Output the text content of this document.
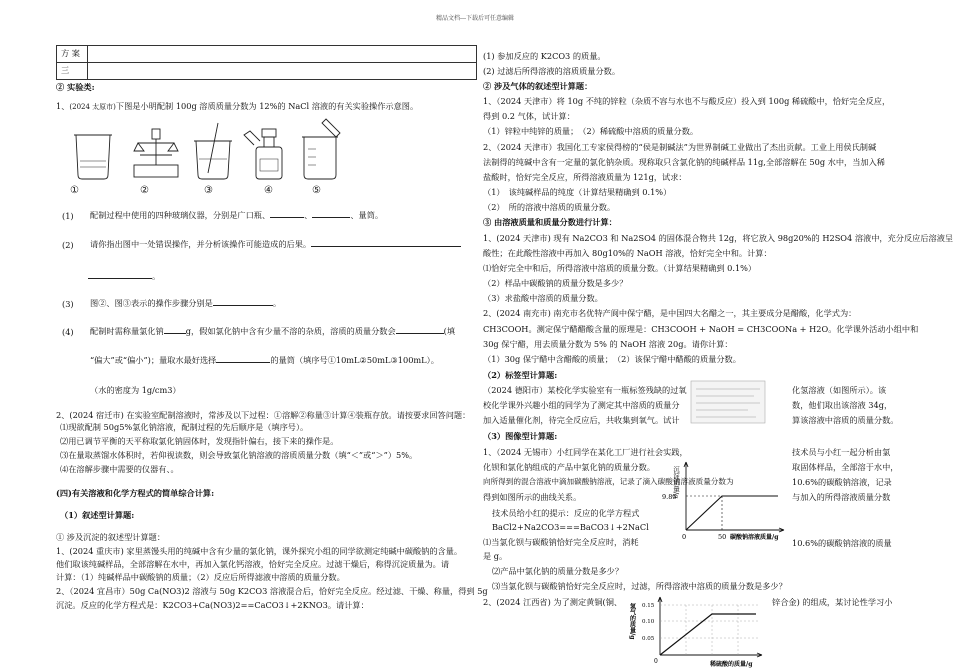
精品文档---下载后可任意编辑
方 案	
三	
② 实验类:
1、(2024 太原市)下图是小明配制 100g 溶质质量分数为 12%的 NaCl 溶液的有关实验操作示意图。
①	②	③	④	⑤
(1) 配制过程中使用的四种玻璃仪器，分别是广口瓶、	、	、量筒。
(2) 请你指出图中一处错误操作，并分析该操作可能造成的后果。
。
(3) 图②、图③表示的操作步骤分别是	。
(4) 配制时需称量氯化钠	g，假如氯化钠中含有少量不溶的杂质，溶质的质量分数会	(填
“偏大”或“偏小”)；量取水最好选择	的量筒（填序号①10mL②50mL③100mL）。
（水的密度为 1g/cm3）
2、(2024 宿迁市) 在实验室配制溶液时，常涉及以下过程：①溶解②称量③计算④装瓶存放。请按要求回答问题：
⑴现欲配制 50g5%氯化钠溶液，配制过程的先后顺序是（填序号）。
⑵用已调节平衡的天平称取氯化钠固体时，发现指针偏右，接下来的操作是。
⑶在量取蒸馏水体积时，若仰视读数，则会导致氯化钠溶液的溶质质量分数（填“＜”或“＞”）5%。
⑷在溶解步骤中需要的仪器有、。
(四)有关溶液和化学方程式的简单综合计算:
（1）叙述型计算题:
① 涉及沉淀的叙述型计算题：
1、(2024 重庆市) 家里蒸馒头用的纯碱中含有少量的氯化钠，课外探究小组的同学欲测定纯碱中碳酸钠的含量。
他们取该纯碱样品，全部溶解在水中，再加入氯化钙溶液，恰好完全反应。过滤干燥后，称得沉淀质量为。请
计算：（1）纯碱样品中碳酸钠的质量；（2）反应后所得滤液中溶质的质量分数。
2、（2024 宜昌市）50g Ca(NO3)2 溶液与 50g K2CO3 溶液混合后，恰好完全反应。经过滤、干燥、称量，得到 5g
沉淀。反应的化学方程式是：K2CO3+Ca(NO3)2==CaCO3↓+2KNO3。请计算：
(1) 参加反应的 K2CO3 的质量。
(2) 过滤后所得溶液的溶质质量分数。
② 涉及气体的叙述型计算题：
1、（2024 天津市）将 10g 不纯的锌粒（杂质不容与水也不与酸反应）投入到 100g 稀硫酸中，恰好完全反应，
得到 0.2 气体，试计算：
（1）锌粒中纯锌的质量；　（2）稀硫酸中溶质的质量分数。
2、（2024 天津市）我国化工专家侯得榜的“侯是制碱法”为世界制碱工业做出了杰出贡献。工业上用侯氏制碱
法制得的纯碱中含有一定量的氯化钠杂质。现称取只含氯化钠的纯碱样品 11g,全部溶解在 50g 水中，当加入稀
盐酸时，恰好完全反应，所得溶液质量为 121g，试求：
（1）　该纯碱样品的纯度（计算结果精确到 0.1%）
（2）　所的溶液中溶质的质量分数。
③ 由溶液质量和质量分数进行计算：
1、(2024 天津市) 现有 Na2CO3 和 Na2SO4 的固体混合物共 12g，将它放入 98g20%的 H2SO4 溶液中，充分反应后溶液呈
酸性；在此酸性溶液中再加入 80g10%的 NaOH 溶液，恰好完全中和。计算：
⑴恰好完全中和后，所得溶液中溶质的质量分数。（计算结果精确到 0.1%）
（2）样品中碳酸钠的质量分数是多少？
（3）求盐酸中溶质的质量分数。
2、(2024 南充市) 南充市名优特产阆中保宁醋，是中国四大名醋之一，其主要成分是醋酸，化学式为：
CH3COOH。测定保宁醋醋酸含量的原理是：CH3COOH + NaOH = CH3COONa + H2O。化学课外活动小组中和
30g 保宁醋，用去质量分数为 5% 的 NaOH 溶液 20g。请你计算：
（1）30g 保宁醋中含醋酸的质量；　（2）该保宁醋中醋酸的质量分数。
（2）标签型计算题:
（2024 德阳市）某校化学实验室有一瓶标签残缺的过氧
校化学课外兴趣小组的同学为了测定其中溶质的质量分
加入适量催化剂，待完全反应后，共收集到氧气。试计
化氢溶液（如图所示）。该
数，他们取出该溶液 34g，
算该溶液中溶质的质量分数。
（3）图像型计算题:
1、（2024 无锡市）小红同学在某化工厂进行社会实践，
化钡和氯化钠组成的产品中氯化钠的质量分数。
向所得到的混合溶液中滴加碳酸钠溶液，记录了滴入碳酸钠溶液质量分数为
得到如图所示的曲线关系。
技术员与小红一起分析由氯
取固体样品，全部溶于水中，
10.6%的碳酸钠溶液，记录
10.6%的碳酸钠溶液的质量
与加入的所得溶液质量分数
技术员给小红的提示：反应的化学方程式
BaCl2+Na2CO3===BaCO3↓+2NaCl
⑴当氯化钡与碳酸钠恰好完全反应时，消耗
是 g。
⑵产品中氯化钠的质量分数是多少？
⑶当氯化钡与碳酸钠恰好完全反应时，过滤，所得溶液中溶质的质量分数是多少？
2、(2024 江西省) 为了测定黄铜(铜、	锌合金) 的组成，某讨论性学习小
沉淀质量/g
9.85
50
0	碳酸钠溶液质量/g
氢气的质量/g 0.15
0.10
0.05
0	稀硫酸的质量/g
